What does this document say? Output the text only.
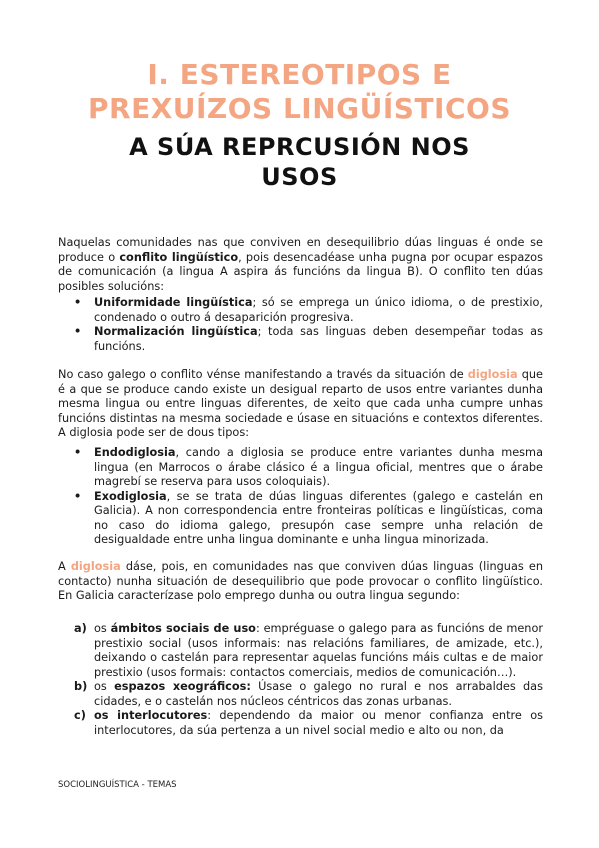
I. ESTEREOTIPOS E
PREXUÍZOS LINGÜÍSTICOS
A SÚA REPRCUSIÓN NOS
USOS
Naquelas comunidades nas que conviven en desequilibrio dúas linguas é onde se produce o conflito lingüístico, pois desencadéase unha pugna por ocupar espazos de comunicación (a lingua A aspira ás funcións da lingua B). O conflito ten dúas posibles solucións:
• Uniformidade lingüística; só se emprega un único idioma, o de prestixio, condenado o outro á desaparición progresiva.
• Normalización lingüística; toda sas linguas deben desempeñar todas as funcións.
No caso galego o conflito vénse manifestando a través da situación de diglosia que é a que se produce cando existe un desigual reparto de usos entre variantes dunha mesma lingua ou entre linguas diferentes, de xeito que cada unha cumpre unhas funcións distintas na mesma sociedade e úsase en situacións e contextos diferentes. A diglosia pode ser de dous tipos:
• Endodiglosia, cando a diglosia se produce entre variantes dunha mesma lingua (en Marrocos o árabe clásico é a lingua oficial, mentres que o árabe magrebí se reserva para usos coloquiais).
• Exodiglosia, se se trata de dúas linguas diferentes (galego e castelán en Galicia). A non correspondencia entre fronteiras políticas e lingüísticas, coma no caso do idioma galego, presupón case sempre unha relación de desigualdade entre unha lingua dominante e unha lingua minorizada.
A diglosia dáse, pois, en comunidades nas que conviven dúas linguas (linguas en contacto) nunha situación de desequilibrio que pode provocar o conflito lingüístico. En Galicia caracterízase polo emprego dunha ou outra lingua segundo:
a) os ámbitos sociais de uso: empréguase o galego para as funcións de menor prestixio social (usos informais: nas relacións familiares, de amizade, etc.), deixando o castelán para representar aquelas funcións máis cultas e de maior prestixio (usos formais: contactos comerciais, medios de comunicación…).
b) os espazos xeográficos: Úsase o galego no rural e nos arrabaldes das cidades, e o castelán nos núcleos céntricos das zonas urbanas.
c) os interlocutores: dependendo da maior ou menor confianza entre os interlocutores, da súa pertenza a un nivel social medio e alto ou non, da
SOCIOLINGUÍSTICA - TEMAS
